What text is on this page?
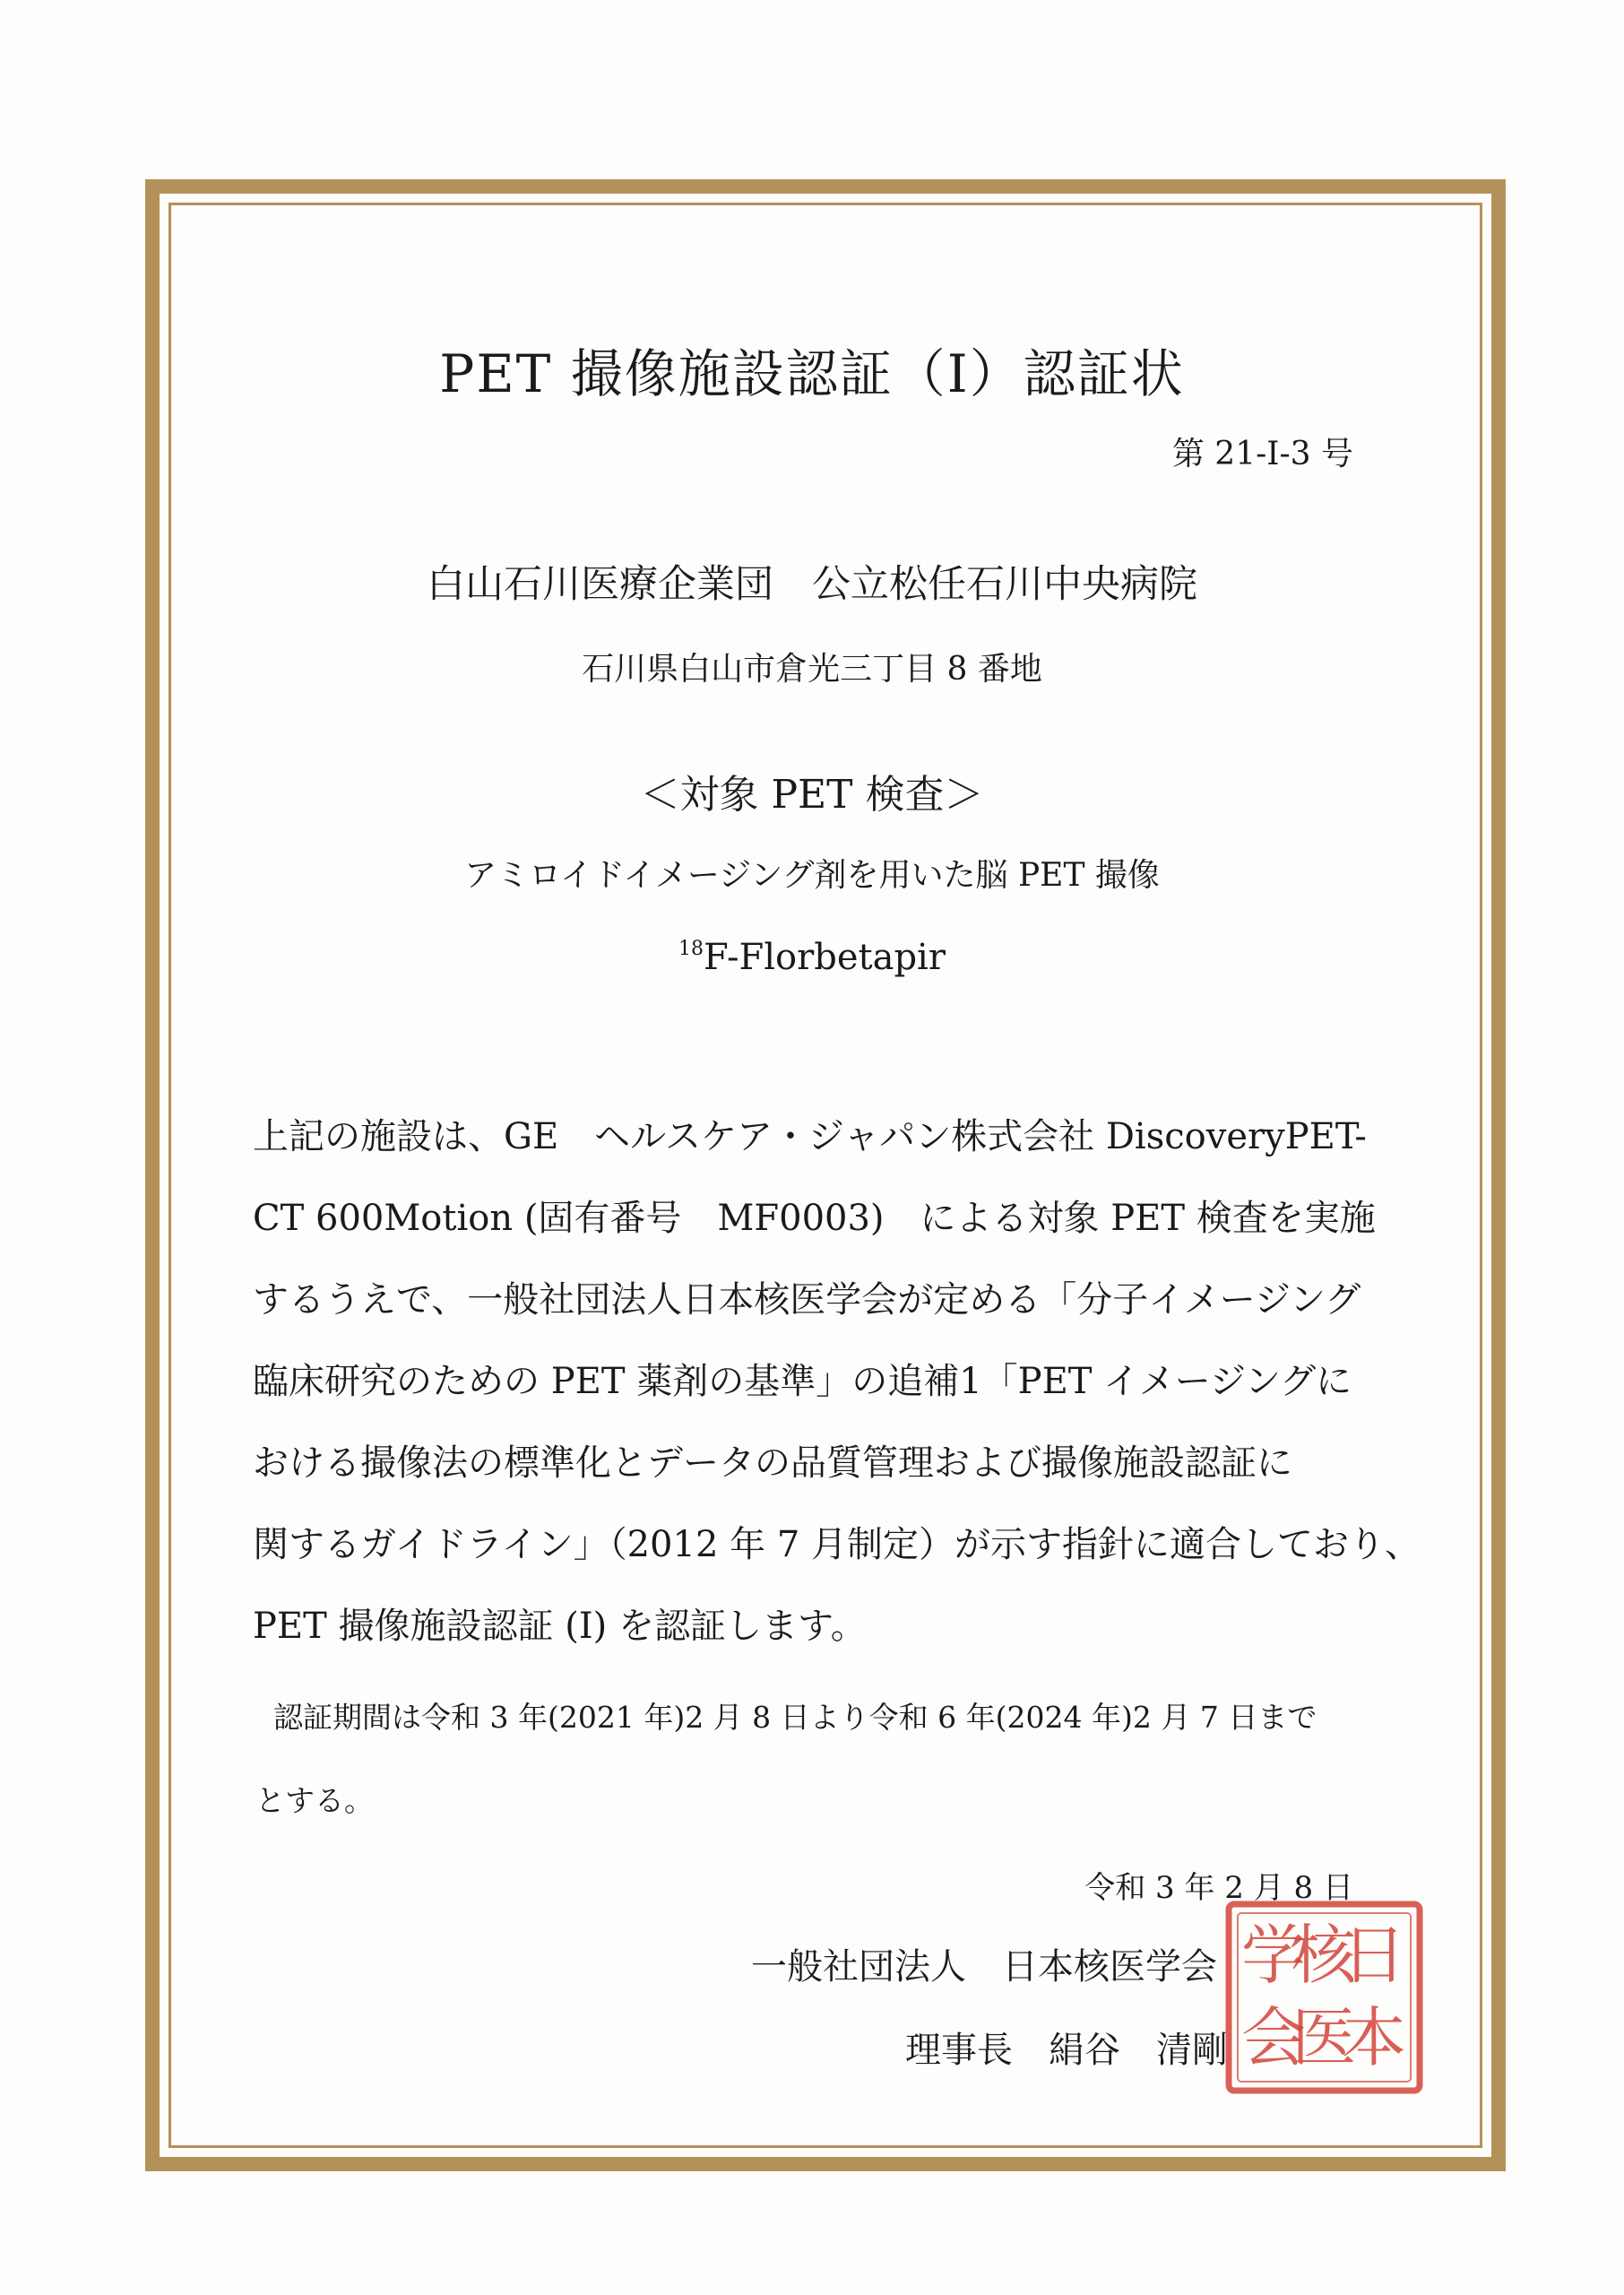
PET 撮像施設認証（I）認証状
第 21-I-3 号
白山石川医療企業団　公立松任石川中央病院
石川県白山市倉光三丁目 8 番地
＜対象 PET 検査＞
アミロイドイメージング剤を用いた脳 PET 撮像
$^{18}$F-Florbetapir
上記の施設は、GE　ヘルスケア・ジャパン株式会社 DiscoveryPET-
CT 600Motion (固有番号　MF0003)　による対象 PET 検査を実施
するうえで、一般社団法人日本核医学会が定める「分子イメージング
臨床研究のための PET 薬剤の基準」の追補1「PET イメージングに
おける撮像法の標準化とデータの品質管理および撮像施設認証に
関するガイドライン」（2012 年 7 月制定）が示す指針に適合しており、
PET 撮像施設認証 (I) を認証します。
認証期間は令和 3 年(2021 年)2 月 8 日より令和 6 年(2024 年)2 月 7 日まで
とする。
令和 3 年 2 月 8 日
一般社団法人　日本核医学会
理事長　絹谷　清剛
日
本
核
医
学
会
